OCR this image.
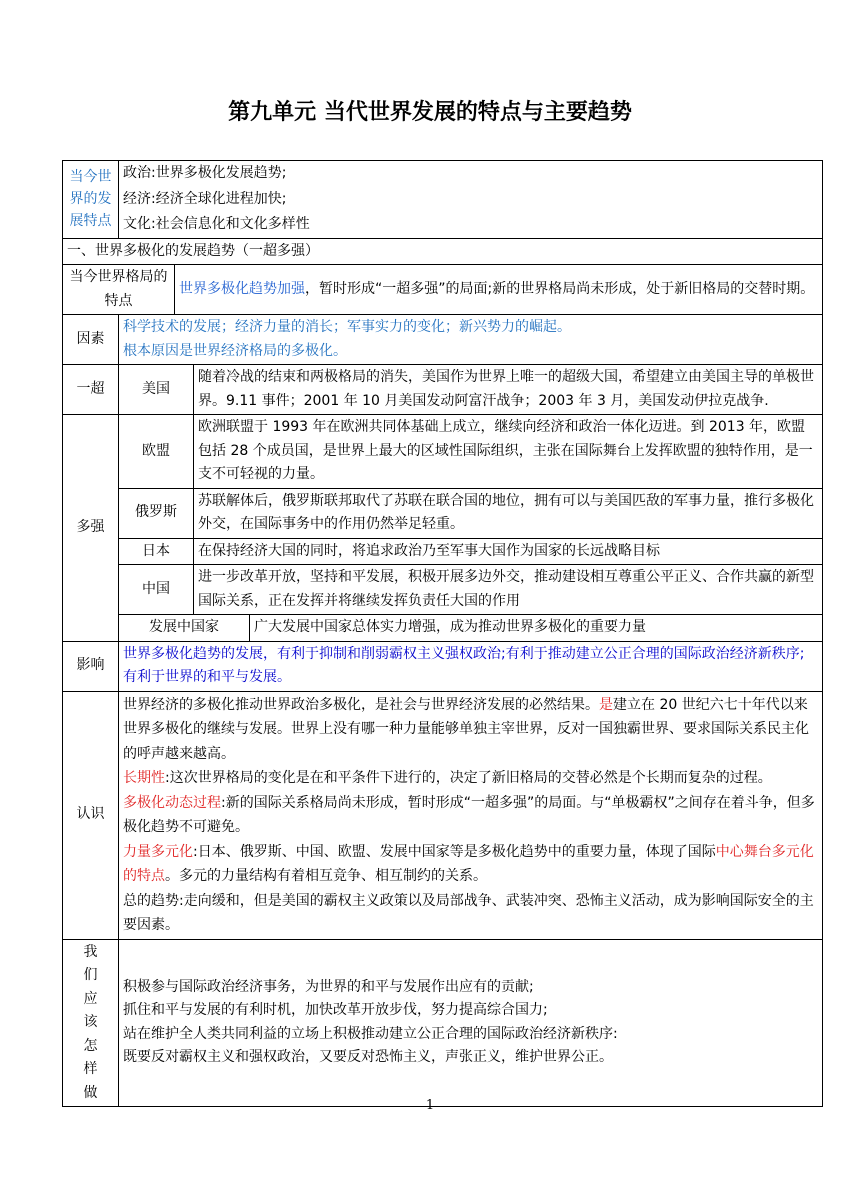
第九单元 当代世界发展的特点与主要趋势
当今世界的发展特点	政治:世界多极化发展趋势;			
	经济:经济全球化进程加快;			
	文化:社会信息化和文化多样性			
一、世界多极化的发展趋势（一超多强）				
当今世界格局的特点		世界多极化趋势加强，暂时形成“一超多强”的局面;新的世界格局尚未形成，处于新旧格局的交替时期。		
因素	科学技术的发展；经济力量的消长；军事实力的变化；新兴势力的崛起。
根本原因是世界经济格局的多极化。			

一超	美国		随着冷战的结束和两极格局的消失，美国作为世界上唯一的超级大国，希望建立由美国主导的单极世界。9.11 事件；2001 年 10 月美国发动阿富汗战争；2003 年 3 月，美国发动伊拉克战争.	
多强	欧盟		欧洲联盟于 1993 年在欧洲共同体基础上成立，继续向经济和政治一体化迈进。到 2013 年，欧盟包括 28 个成员国，是世界上最大的区域性国际组织，主张在国际舞台上发挥欧盟的独特作用，是一支不可轻视的力量。	
	俄罗斯		苏联解体后，俄罗斯联邦取代了苏联在联合国的地位，拥有可以与美国匹敌的军事力量，推行多极化外交，在国际事务中的作用仍然举足轻重。	
	日本		在保持经济大国的同时，将追求政治乃至军事大国作为国家的长远战略目标	
	中国		进一步改革开放，坚持和平发展，积极开展多边外交，推动建设相互尊重公平正义、合作共赢的新型国际关系，正在发挥并将继续发挥负责任大国的作用	
	发展中国家			广大发展中国家总体实力增强，成为推动世界多极化的重要力量
影响	世界多极化趋势的发展，有利于抑制和削弱霸权主义强权政治;有利于推动建立公正合理的国际政治经济新秩序;有利于世界的和平与发展。			
认识	世界经济的多极化推动世界政治多极化，是社会与世界经济发展的必然结果。是建立在 20 世纪六七十年代以来世界多极化的继续与发展。世界上没有哪一种力量能够单独主宰世界，反对一国独霸世界、要求国际关系民主化的呼声越来越高。
长期性:这次世界格局的变化是在和平条件下进行的，决定了新旧格局的交替必然是个长期而复杂的过程。
多极化动态过程:新的国际关系格局尚未形成，暂时形成“一超多强”的局面。与“单极霸权”之间存在着斗争，但多极化趋势不可避免。
力量多元化:日本、俄罗斯、中国、欧盟、发展中国家等是多极化趋势中的重要力量，体现了国际中心舞台多元化的特点。多元的力量结构有着相互竞争、相互制约的关系。
总的趋势:走向缓和，但是美国的霸权主义政策以及局部战争、武装冲突、恐怖主义活动，成为影响国际安全的主要因素。			

我们应该怎样做	积极参与国际政治经济事务，为世界的和平与发展作出应有的贡献;
抓住和平与发展的有利时机，加快改革开放步伐，努力提高综合国力;
站在维护全人类共同利益的立场上积极推动建立公正合理的国际政治经济新秩序:
既要反对霸权主义和强权政治，又要反对恐怖主义，声张正义，维护世界公正。			
1
